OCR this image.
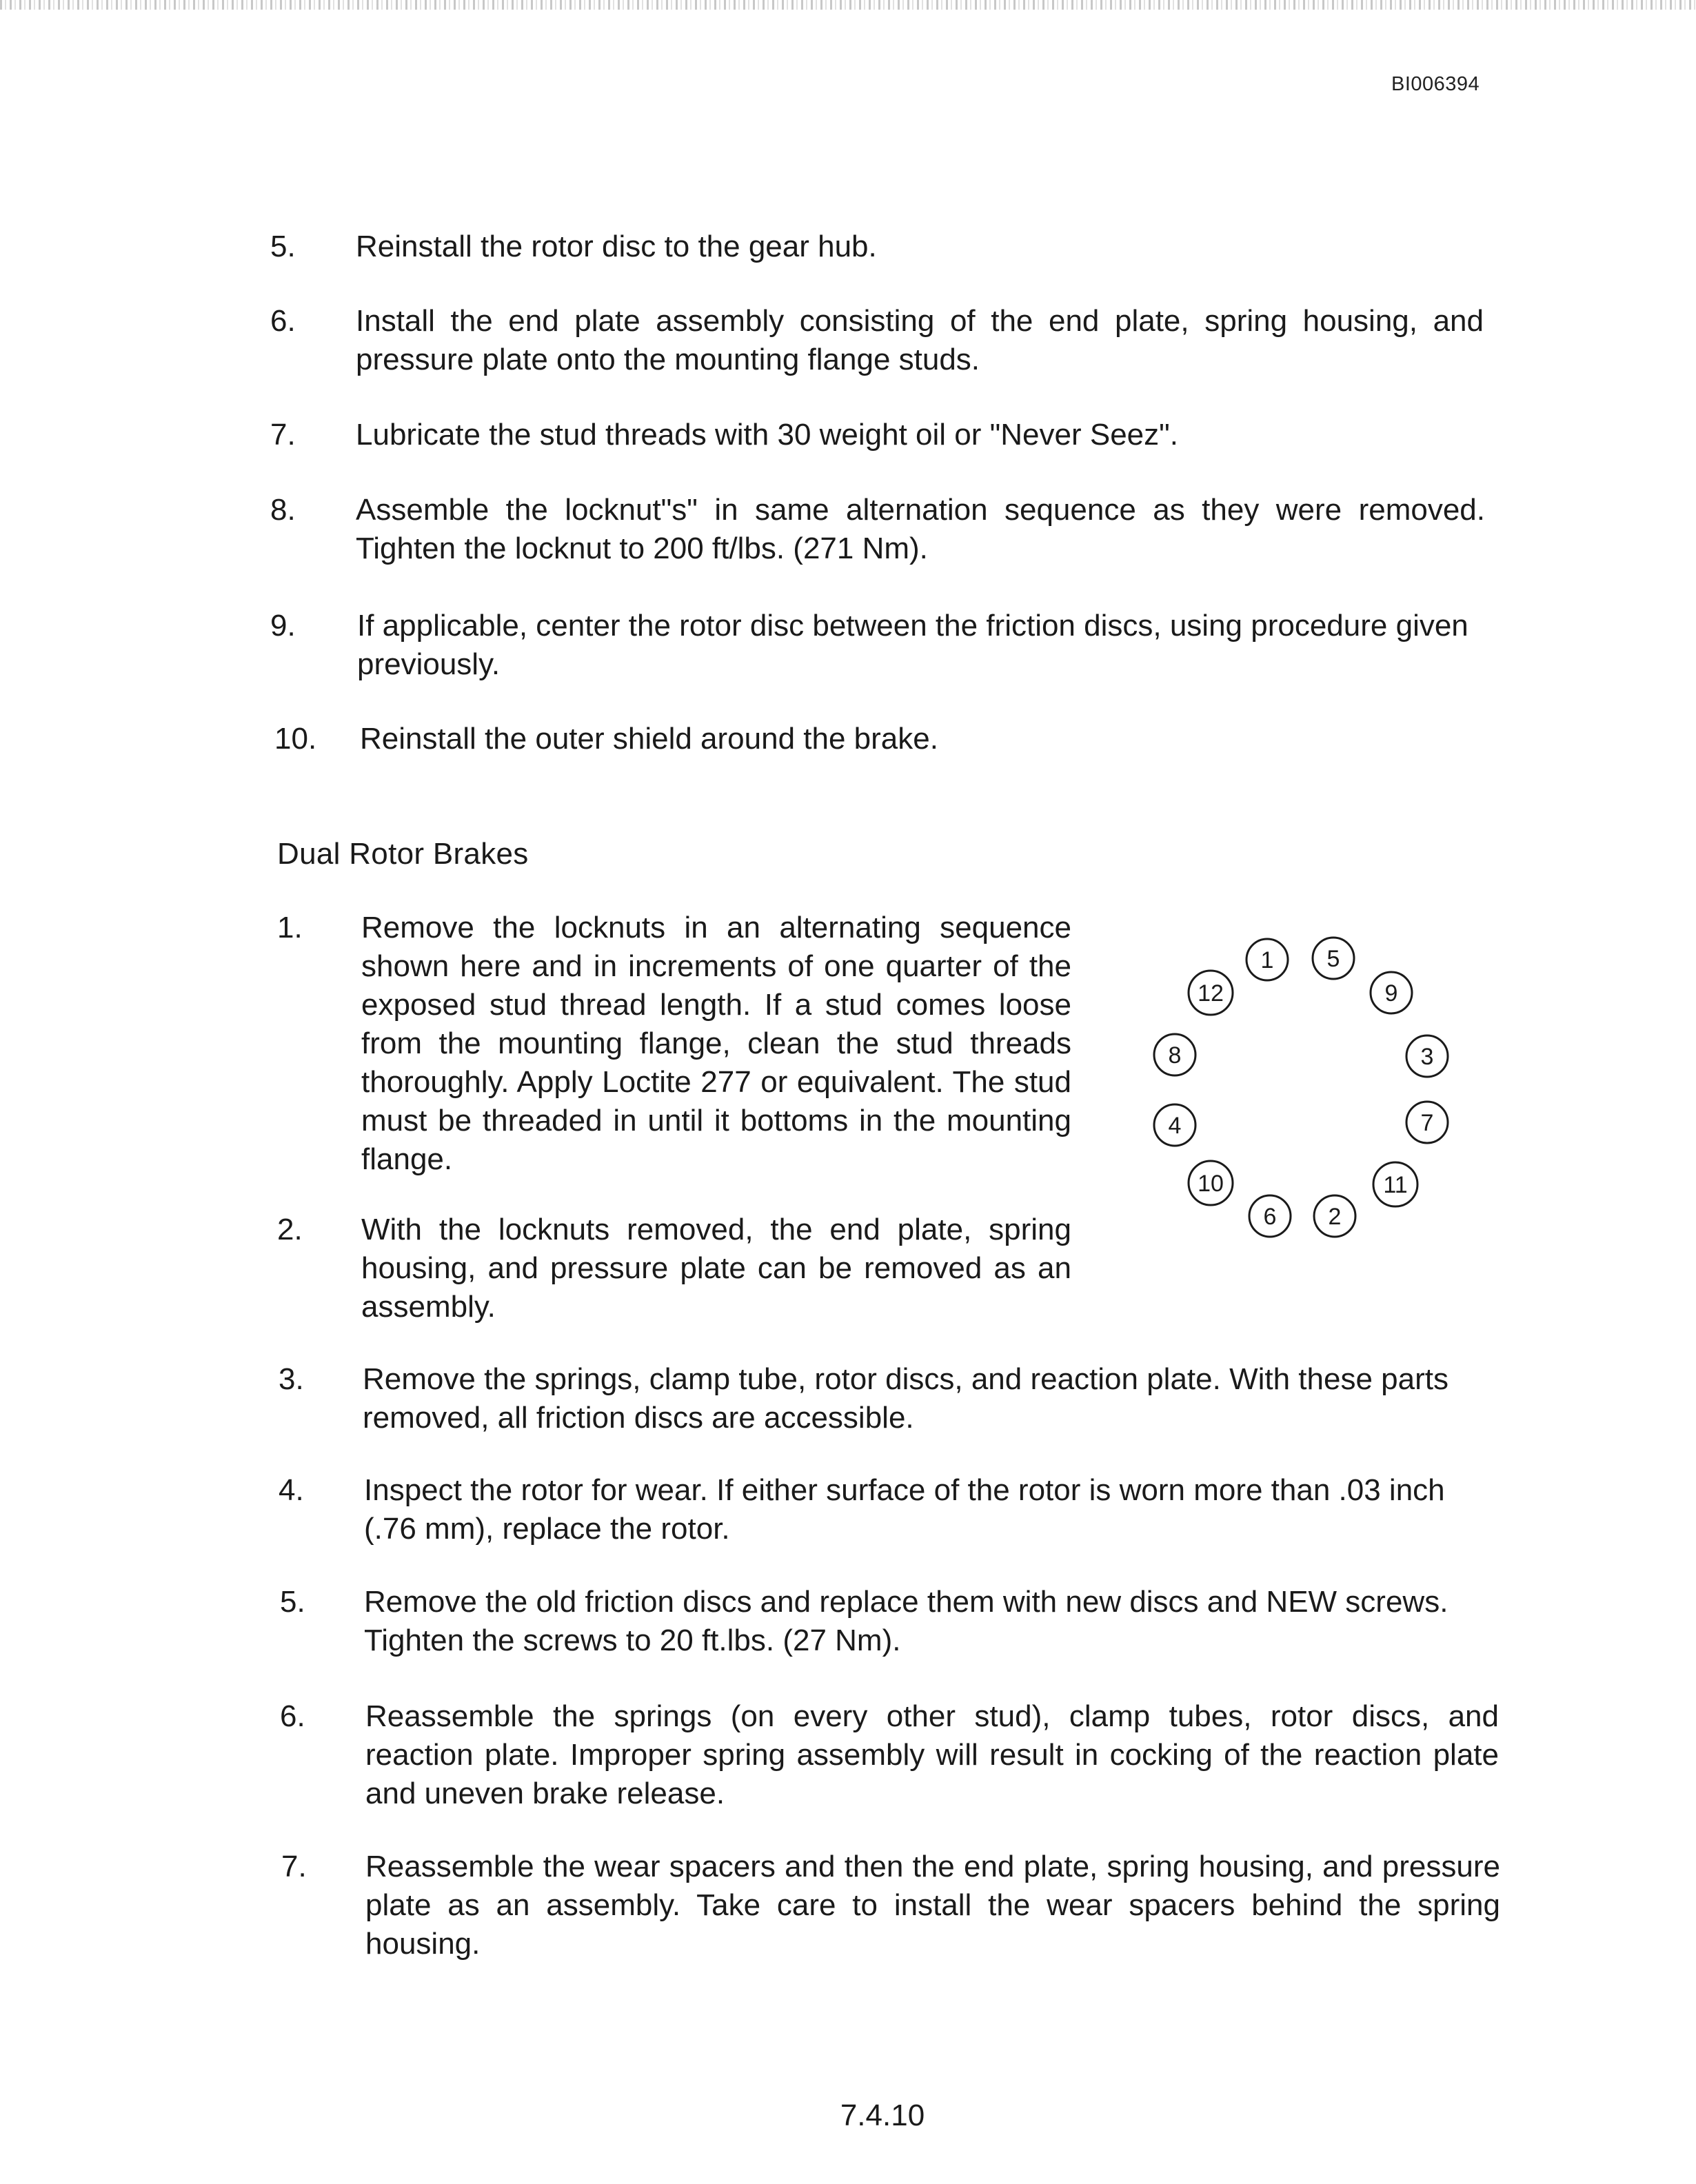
BI006394
5. Reinstall the rotor disc to the gear hub.
6. Install the end plate assembly consisting of the end plate, spring housing, and pressure plate onto the mounting flange studs.
7. Lubricate the stud threads with 30 weight oil or "Never Seez".
8. Assemble the locknut"s" in same alternation sequence as they were removed. Tighten the locknut to 200 ft/lbs. (271 Nm).
9. If applicable, center the rotor disc between the friction discs, using procedure given previously.
10. Reinstall the outer shield around the brake.
Dual Rotor Brakes
1. Remove the locknuts in an alternating sequence shown here and in increments of one quarter of the exposed stud thread length. If a stud comes loose from the mounting flange, clean the stud threads thoroughly. Apply Loctite 277 or equivalent. The stud must be threaded in until it bottoms in the mounting flange.
2. With the locknuts removed, the end plate, spring housing, and pressure plate can be removed as an assembly.
1 5
12	9
8	3
4	7
10	11
6 2
3. Remove the springs, clamp tube, rotor discs, and reaction plate. With these parts removed, all friction discs are accessible.
4. Inspect the rotor for wear. If either surface of the rotor is worn more than .03 inch (.76 mm), replace the rotor.
5. Remove the old friction discs and replace them with new discs and NEW screws. Tighten the screws to 20 ft.lbs. (27 Nm).
6. Reassemble the springs (on every other stud), clamp tubes, rotor discs, and reaction plate. Improper spring assembly will result in cocking of the reaction plate and uneven brake release.
7. Reassemble the wear spacers and then the end plate, spring housing, and pressure plate as an assembly. Take care to install the wear spacers behind the spring housing.
7.4.10
